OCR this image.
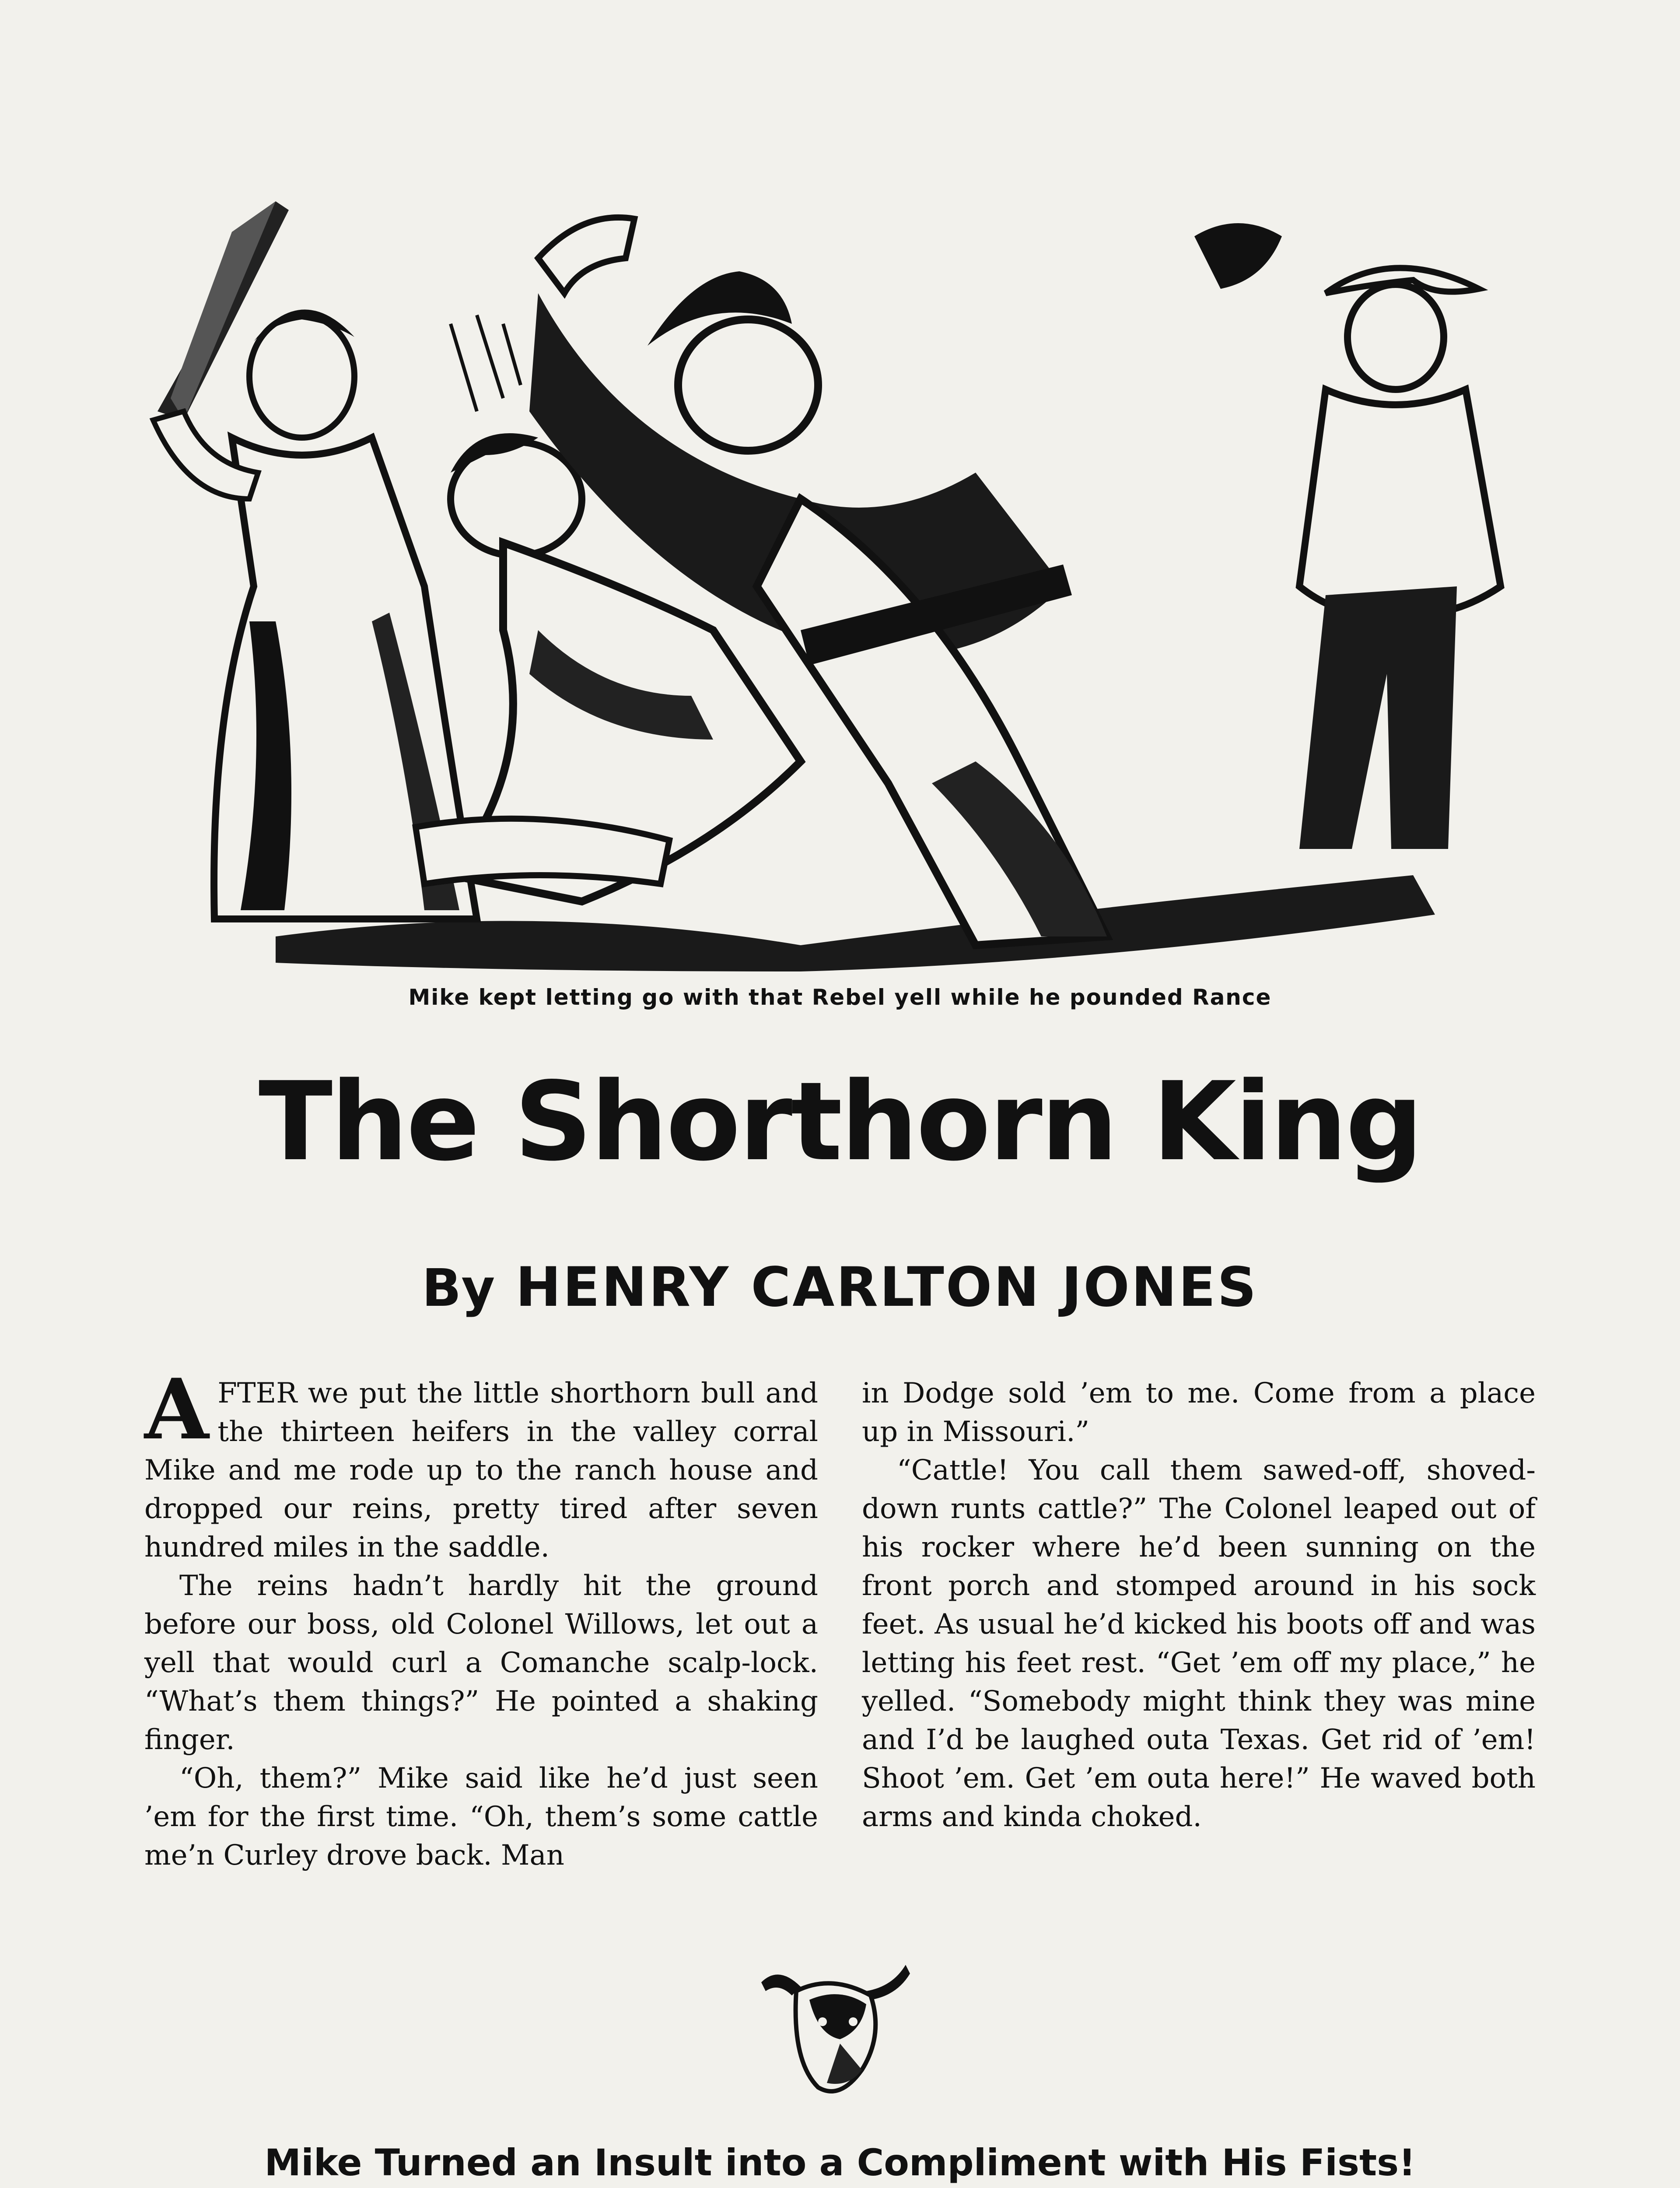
Mike kept letting go with that Rebel yell while he pounded Rance
The Shorthorn King
By HENRY CARLTON JONES

AFTER we put the little shorthorn bull and the thirteen heifers in the valley corral Mike and me rode up to the ranch house and dropped our reins, pretty tired after seven hundred miles in the saddle.

The reins hadn’t hardly hit the ground before our boss, old Colonel Willows, let out a yell that would curl a Comanche scalp-lock. “What’s them things?” He pointed a shaking finger.

“Oh, them?” Mike said like he’d just seen ’em for the first time. “Oh, them’s some cattle me’n Curley drove back. Man

in Dodge sold ’em to me. Come from a place up in Missouri.”

“Cattle! You call them sawed-off, shoved-down runts cattle?” The Colonel leaped out of his rocker where he’d been sunning on the front porch and stomped around in his sock feet. As usual he’d kicked his boots off and was letting his feet rest. “Get ’em off my place,” he yelled. “Somebody might think they was mine and I’d be laughed outa Texas. Get rid of ’em! Shoot ’em. Get ’em outa here!” He waved both arms and kinda choked.

Mike Turned an Insult into a Compliment with His Fists!
